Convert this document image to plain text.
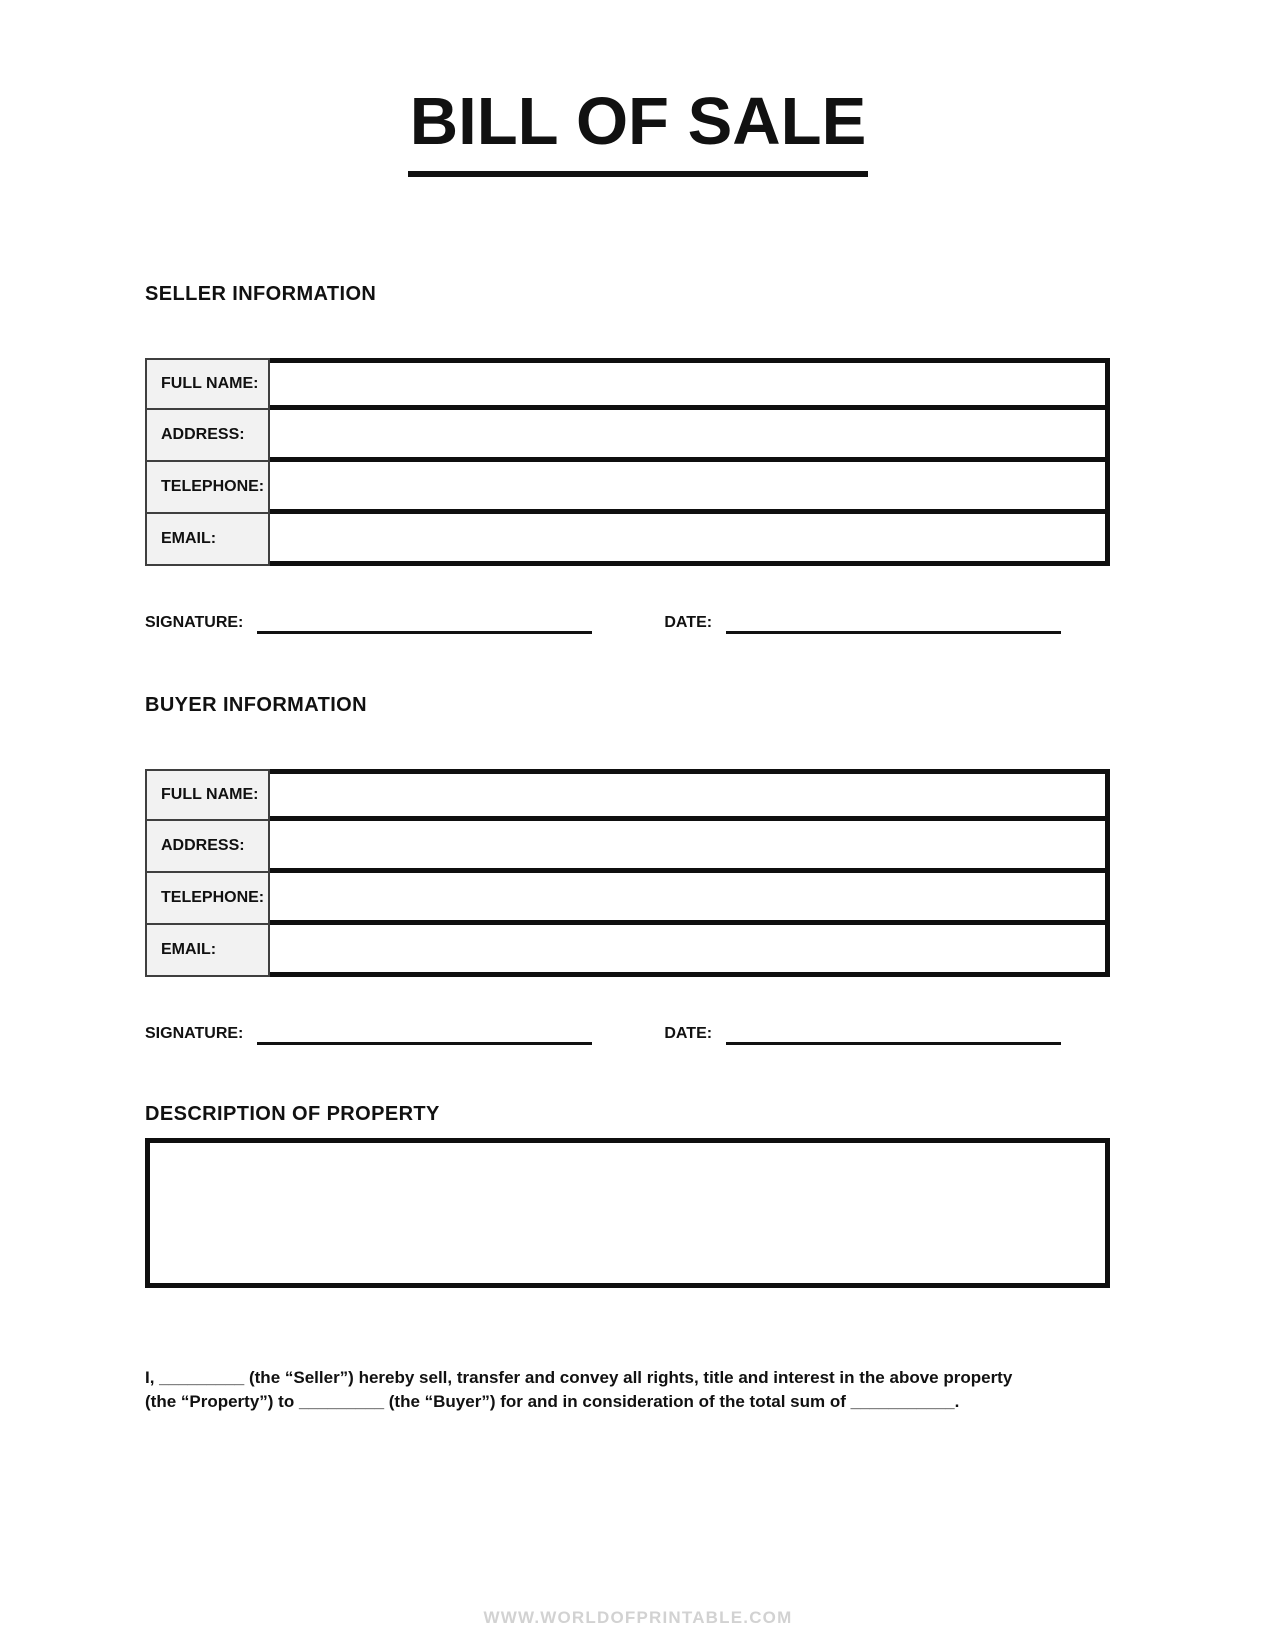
BILL OF SALE
SELLER INFORMATION
FULL NAME:
ADDRESS:
TELEPHONE:
EMAIL:
SIGNATURE:	DATE:
BUYER INFORMATION
FULL NAME:
ADDRESS:
TELEPHONE:
EMAIL:
SIGNATURE:	DATE:
DESCRIPTION OF PROPERTY
I, _________ (the “Seller”) hereby sell, transfer and convey all rights, title and interest in the above property (the “Property”) to _________ (the “Buyer”) for and in consideration of the total sum of ___________.
WWW.WORLDOFPRINTABLE.COM
